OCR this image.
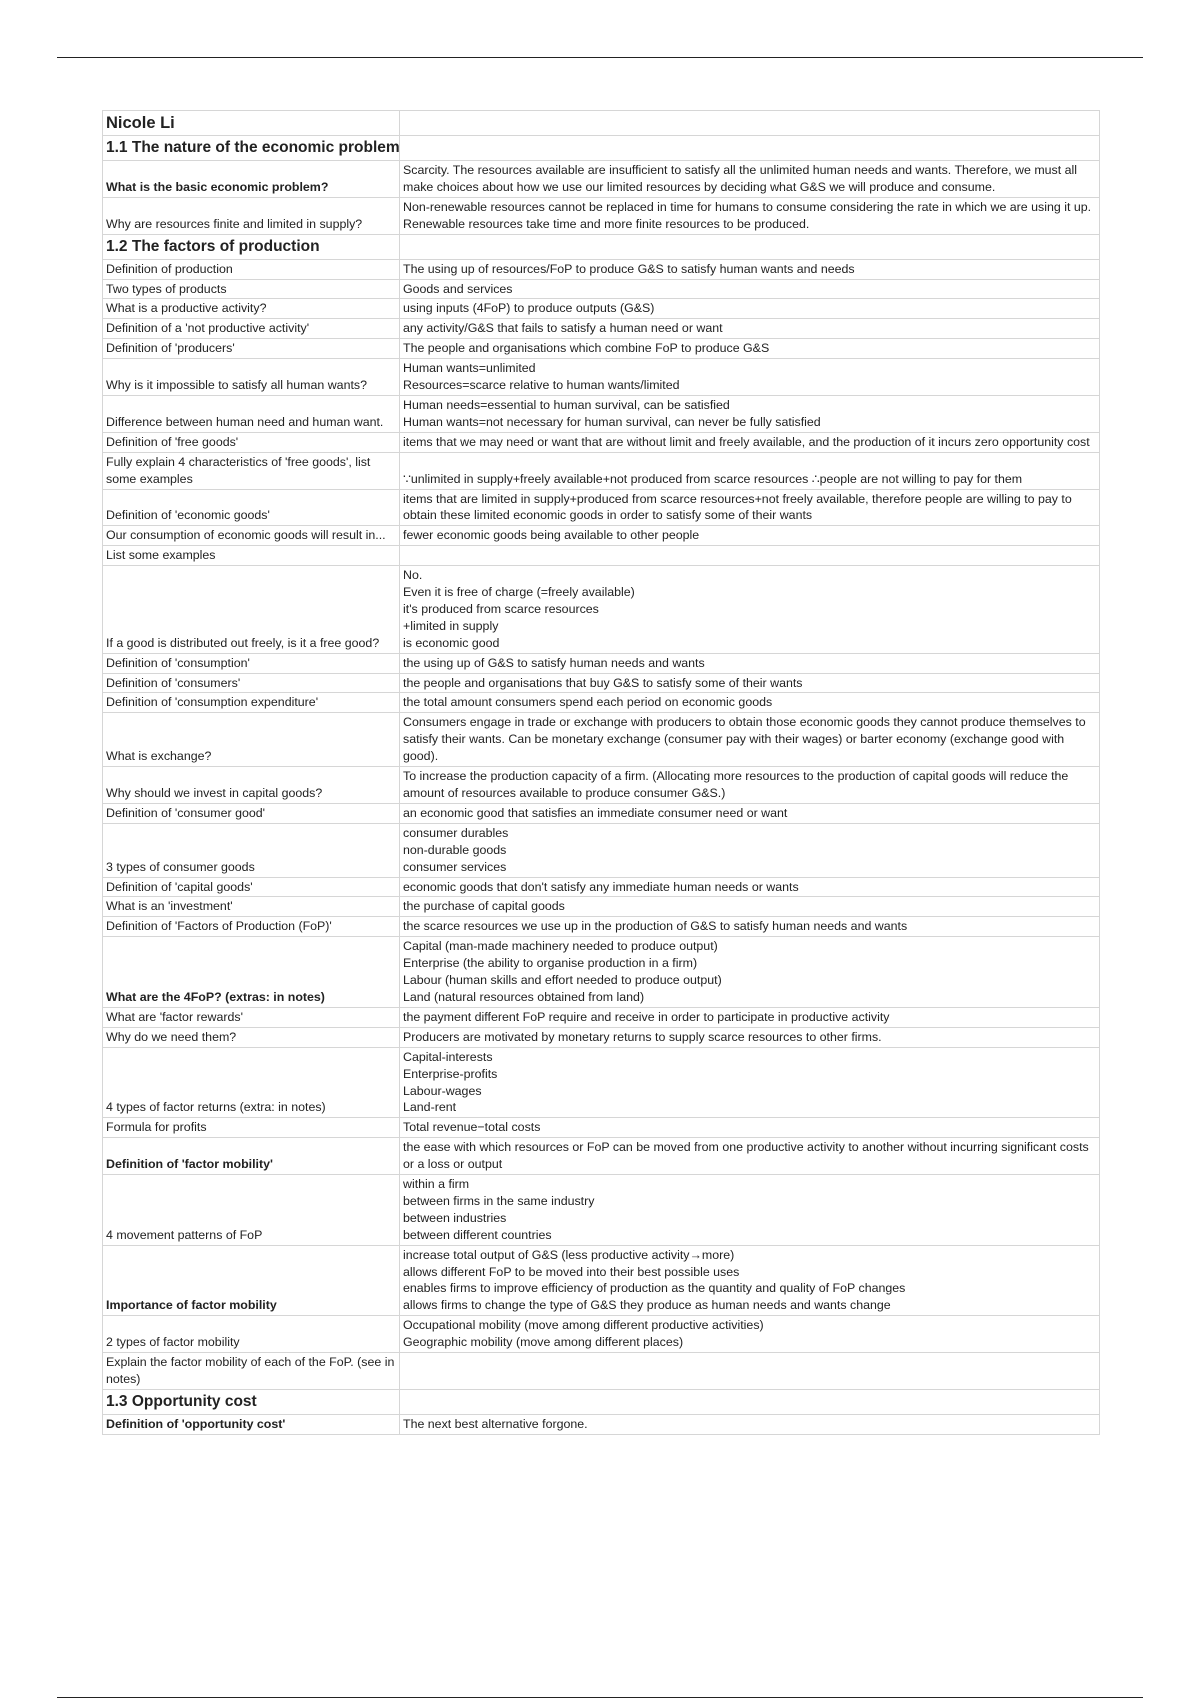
Nicole Li	
1.1 The nature of the economic problem	
What is the basic economic problem?	Scarcity. The resources available are insufficient to satisfy all the unlimited human needs and wants. Therefore, we must all make choices about how we use our limited resources by deciding what G&S we will produce and consume.
Why are resources finite and limited in supply?	Non-renewable resources cannot be replaced in time for humans to consume considering the rate in which we are using it up.
Renewable resources take time and more finite resources to be produced.
1.2 The factors of production	
Definition of production	The using up of resources/FoP to produce G&S to satisfy human wants and needs
Two types of products	Goods and services
What is a productive activity?	using inputs (4FoP) to produce outputs (G&S)
Definition of a 'not productive activity'	any activity/G&S that fails to satisfy a human need or want
Definition of 'producers'	The people and organisations which combine FoP to produce G&S
Why is it impossible to satisfy all human wants?	Human wants=unlimited
Resources=scarce relative to human wants/limited
Difference between human need and human want.	Human needs=essential to human survival, can be satisfied
Human wants=not necessary for human survival, can never be fully satisfied
Definition of 'free goods'	items that we may need or want that are without limit and freely available, and the production of it incurs zero opportunity cost
Fully explain 4 characteristics of 'free goods', list some examples	∵unlimited in supply+freely available+not produced from scarce resources ∴people are not willing to pay for them
Definition of 'economic goods'	items that are limited in supply+produced from scarce resources+not freely available, therefore people are willing to pay to obtain these limited economic goods in order to satisfy some of their wants
Our consumption of economic goods will result in...	fewer economic goods being available to other people
List some examples	
If a good is distributed out freely, is it a free good?	No.
Even it is free of charge (=freely available)
it's produced from scarce resources
+limited in supply
is economic good
Definition of 'consumption'	the using up of G&S to satisfy human needs and wants
Definition of 'consumers'	the people and organisations that buy G&S to satisfy some of their wants
Definition of 'consumption expenditure'	the total amount consumers spend each period on economic goods
What is exchange?	Consumers engage in trade or exchange with producers to obtain those economic goods they cannot produce themselves to satisfy their wants. Can be monetary exchange (consumer pay with their wages) or barter economy (exchange good with good).
Why should we invest in capital goods?	To increase the production capacity of a firm. (Allocating more resources to the production of capital goods will reduce the amount of resources available to produce consumer G&S.)
Definition of 'consumer good'	an economic good that satisfies an immediate consumer need or want
3 types of consumer goods	consumer durables
non-durable goods
consumer services
Definition of 'capital goods'	economic goods that don't satisfy any immediate human needs or wants
What is an 'investment'	the purchase of capital goods
Definition of 'Factors of Production (FoP)'	the scarce resources we use up in the production of G&S to satisfy human needs and wants
What are the 4FoP? (extras: in notes)	Capital (man-made machinery needed to produce output)
Enterprise (the ability to organise production in a firm)
Labour (human skills and effort needed to produce output)
Land (natural resources obtained from land)
What are 'factor rewards'	the payment different FoP require and receive in order to participate in productive activity
Why do we need them?	Producers are motivated by monetary returns to supply scarce resources to other firms.
4 types of factor returns (extra: in notes)	Capital-interests
Enterprise-profits
Labour-wages
Land-rent
Formula for profits	Total revenue−total costs
Definition of 'factor mobility'	the ease with which resources or FoP can be moved from one productive activity to another without incurring significant costs or a loss or output
4 movement patterns of FoP	within a firm
between firms in the same industry
between industries
between different countries
Importance of factor mobility	increase total output of G&S (less productive activity→more)
allows different FoP to be moved into their best possible uses
enables firms to improve efficiency of production as the quantity and quality of FoP changes
allows firms to change the type of G&S they produce as human needs and wants change
2 types of factor mobility	Occupational mobility (move among different productive activities)
Geographic mobility (move among different places)
Explain the factor mobility of each of the FoP. (see in notes)	
1.3 Opportunity cost	
Definition of 'opportunity cost'	The next best alternative forgone.
